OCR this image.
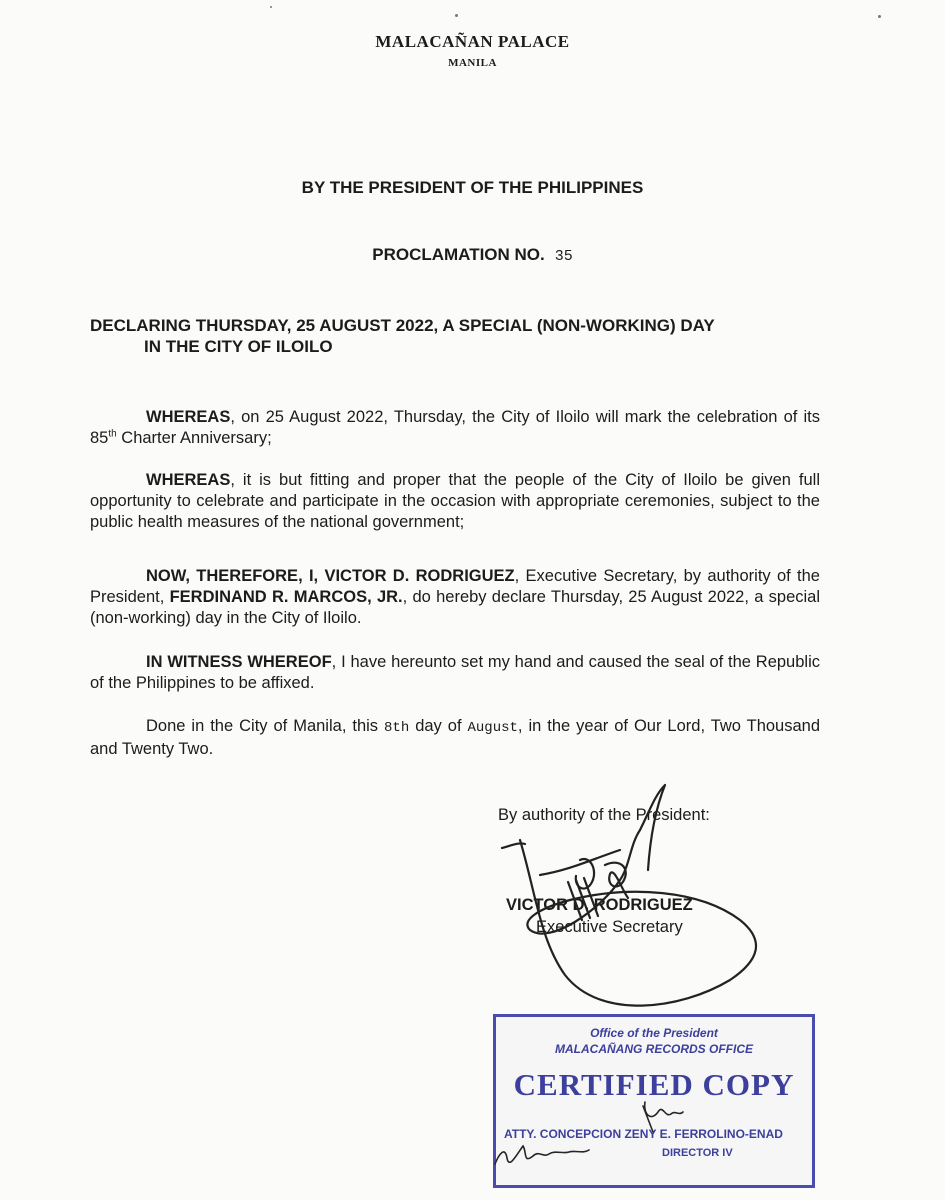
MALACAÑAN PALACE
MANILA
BY THE PRESIDENT OF THE PHILIPPINES
PROCLAMATION NO. 35
DECLARING THURSDAY, 25 AUGUST 2022, A SPECIAL (NON-WORKING) DAY
IN THE CITY OF ILOILO
WHEREAS, on 25 August 2022, Thursday, the City of Iloilo will mark the celebration of its 85th Charter Anniversary;
WHEREAS, it is but fitting and proper that the people of the City of Iloilo be given full opportunity to celebrate and participate in the occasion with appropriate ceremonies, subject to the public health measures of the national government;
NOW, THEREFORE, I, VICTOR D. RODRIGUEZ, Executive Secretary, by authority of the President, FERDINAND R. MARCOS, JR., do hereby declare Thursday, 25 August 2022, a special (non-working) day in the City of Iloilo.
IN WITNESS WHEREOF, I have hereunto set my hand and caused the seal of the Republic of the Philippines to be affixed.
Done in the City of Manila, this 8th day of August, in the year of Our Lord, Two Thousand and Twenty Two.
By authority of the President:
VICTOR D. RODRIGUEZ
Executive Secretary
Office of the President
MALACAÑANG RECORDS OFFICE
CERTIFIED COPY
ATTY. CONCEPCION ZENY E. FERROLINO-ENAD
DIRECTOR IV
